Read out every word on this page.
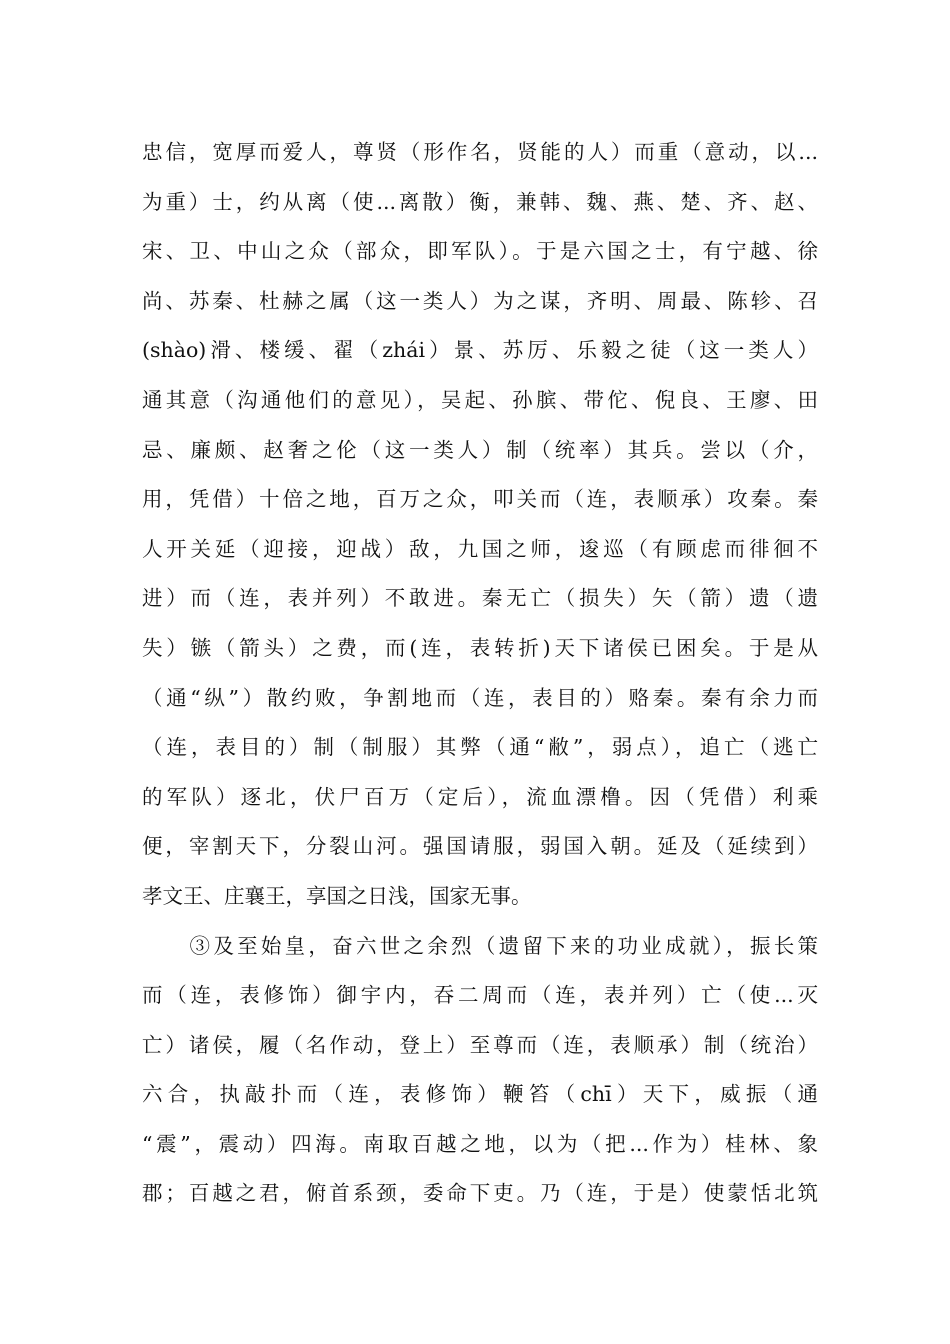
忠信，宽厚而爱人，尊贤（形作名，贤能的人）而重（意动，以...
为重）士，约从离（使...离散）衡，兼韩、魏、燕、楚、齐、赵、
宋、卫、中山之众（部众，即军队）。于是六国之士，有宁越、徐
尚、苏秦、杜赫之属（这一类人）为之谋，齐明、周最、陈轸、召
(shào)滑、楼缓、翟（zhái）景、苏厉、乐毅之徒（这一类人）
通其意（沟通他们的意见），吴起、孙膑、带佗、倪良、王廖、田
忌、廉颇、赵奢之伦（这一类人）制（统率）其兵。尝以（介，
用，凭借）十倍之地，百万之众，叩关而（连，表顺承）攻秦。秦
人开关延（迎接，迎战）敌，九国之师，逡巡（有顾虑而徘徊不
进）而（连，表并列）不敢进。秦无亡（损失）矢（箭）遗（遗
失）镞（箭头）之费，而(连，表转折)天下诸侯已困矣。于是从
（通“纵”）散约败，争割地而（连，表目的）赂秦。秦有余力而
（连，表目的）制（制服）其弊（通“敝”，弱点），追亡（逃亡
的军队）逐北，伏尸百万（定后），流血漂橹。因（凭借）利乘
便，宰割天下，分裂山河。强国请服，弱国入朝。延及（延续到）
孝文王、庄襄王，享国之日浅，国家无事。
　　③及至始皇，奋六世之余烈（遗留下来的功业成就），振长策
而（连，表修饰）御宇内，吞二周而（连，表并列）亡（使...灭
亡）诸侯，履（名作动，登上）至尊而（连，表顺承）制（统治）
六合，执敲扑而（连，表修饰）鞭笞（chī）天下，威振（通
“震”，震动）四海。南取百越之地，以为（把...作为）桂林、象
郡；百越之君，俯首系颈，委命下吏。乃（连，于是）使蒙恬北筑
